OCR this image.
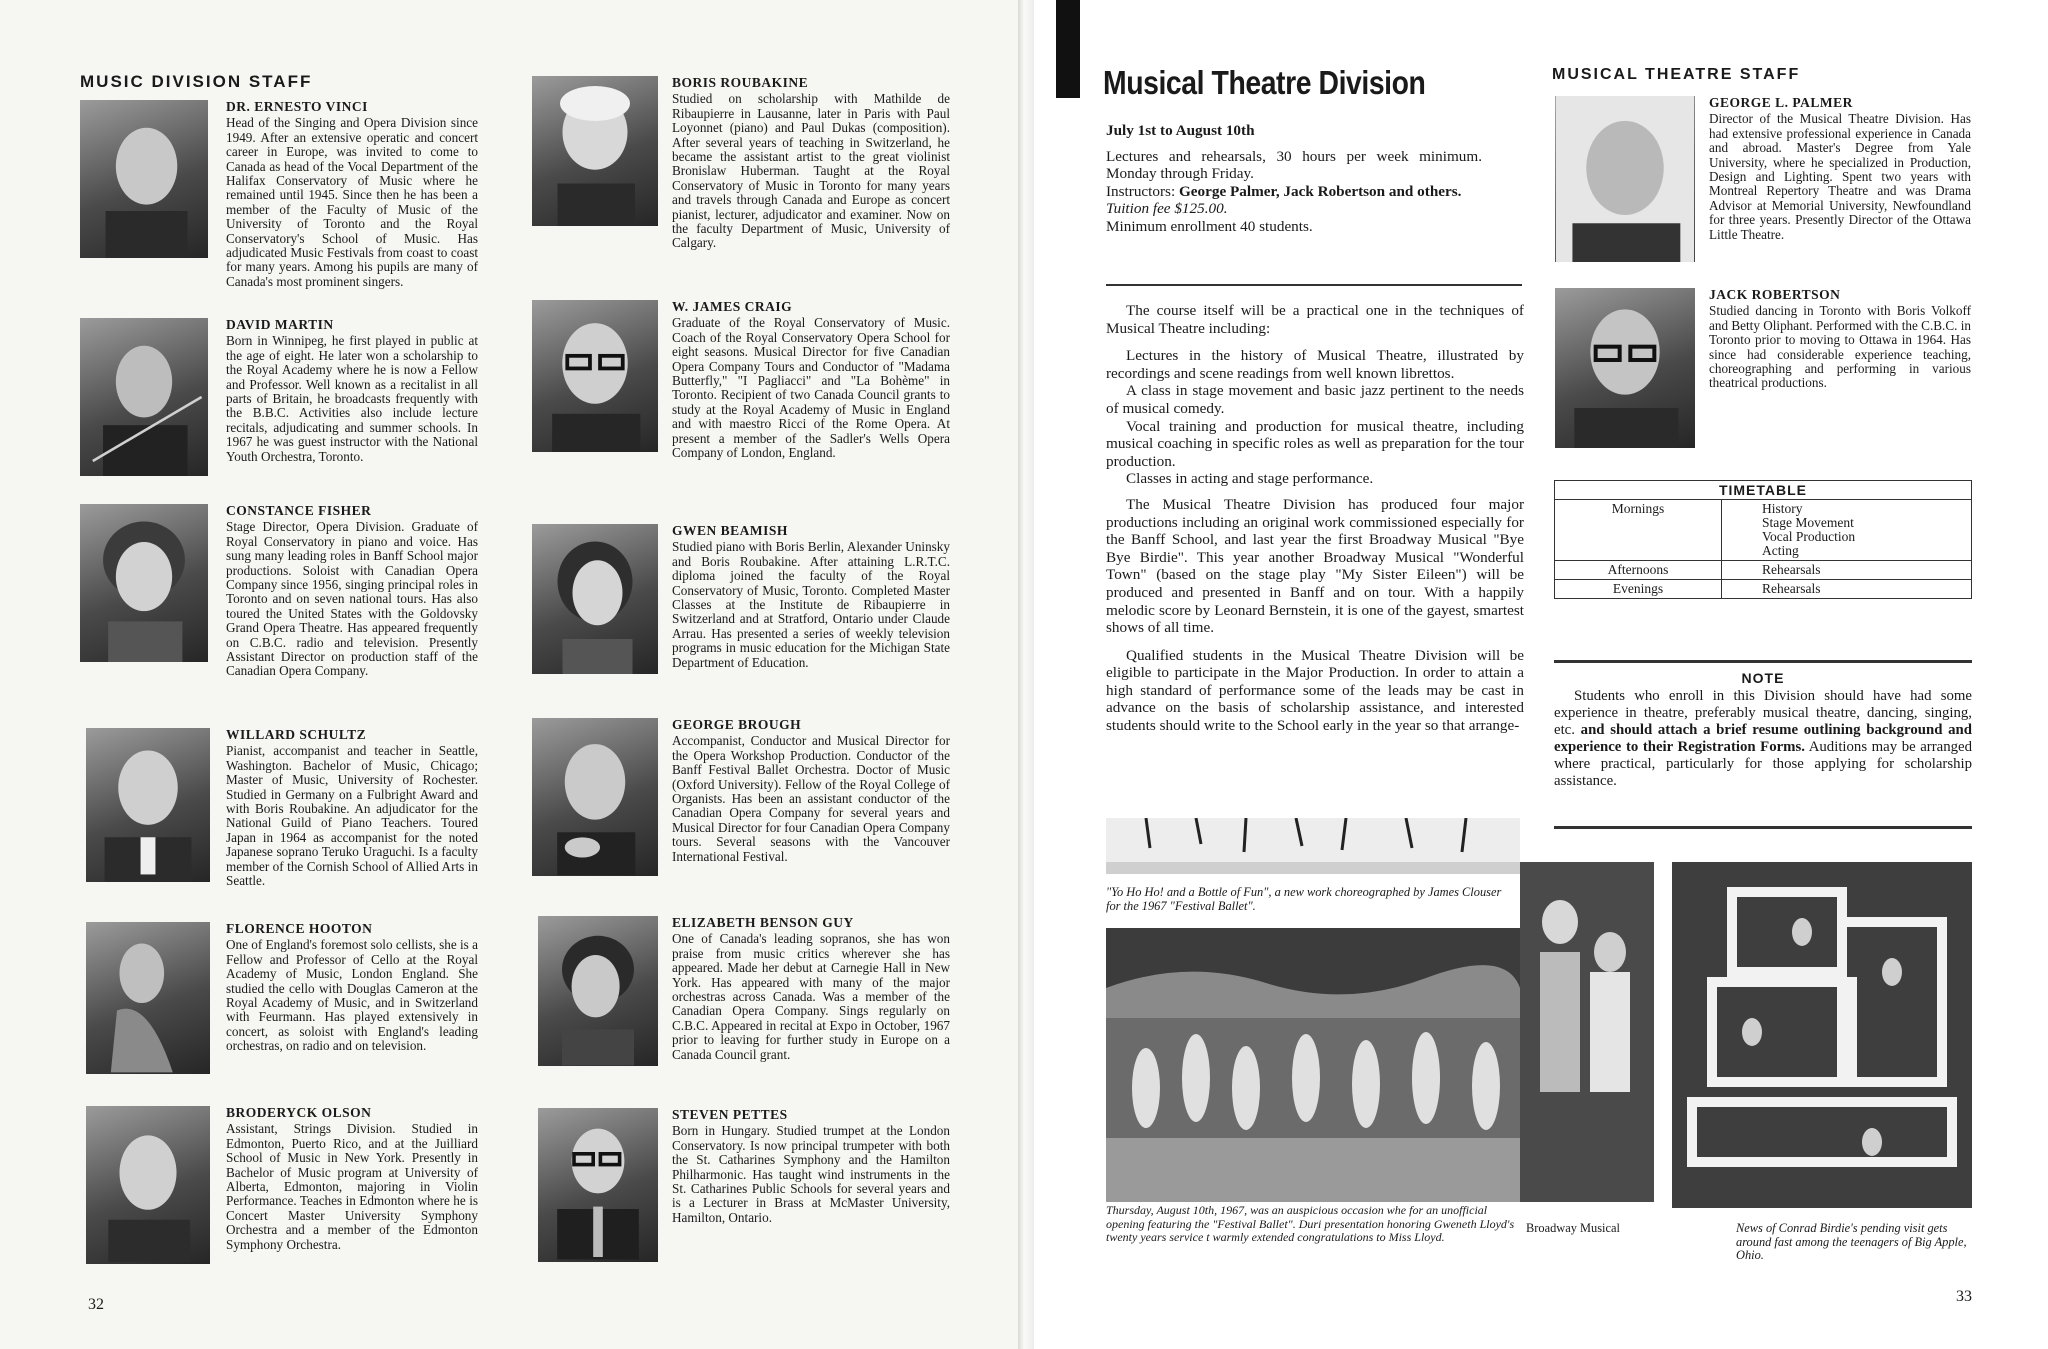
MUSIC DIVISION STAFF
DR. ERNESTO VINCI
Head of the Singing and Opera Division since 1949. After an extensive operatic and concert career in Europe, was invited to come to Canada as head of the Vocal Department of the Halifax Conservatory of Music where he remained until 1945. Since then he has been a member of the Faculty of Music of the University of Toronto and the Royal Conservatory's School of Music. Has adjudicated Music Festivals from coast to coast for many years. Among his pupils are many of Canada's most prominent singers.
DAVID MARTIN
Born in Winnipeg, he first played in public at the age of eight. He later won a scholarship to the Royal Academy where he is now a Fellow and Professor. Well known as a recitalist in all parts of Britain, he broadcasts frequently with the B.B.C. Activities also include lecture recitals, adjudicating and summer schools. In 1967 he was guest instructor with the National Youth Orchestra, Toronto.
CONSTANCE FISHER
Stage Director, Opera Division. Graduate of Royal Conservatory in piano and voice. Has sung many leading roles in Banff School major productions. Soloist with Canadian Opera Company since 1956, singing principal roles in Toronto and on seven national tours. Has also toured the United States with the Goldovsky Grand Opera Theatre. Has appeared frequently on C.B.C. radio and television. Presently Assistant Director on production staff of the Canadian Opera Company.
WILLARD SCHULTZ
Pianist, accompanist and teacher in Seattle, Washington. Bachelor of Music, Chicago; Master of Music, University of Rochester. Studied in Germany on a Fulbright Award and with Boris Roubakine. An adjudicator for the National Guild of Piano Teachers. Toured Japan in 1964 as accompanist for the noted Japanese soprano Teruko Uraguchi. Is a faculty member of the Cornish School of Allied Arts in Seattle.
FLORENCE HOOTON
One of England's foremost solo cellists, she is a Fellow and Professor of Cello at the Royal Academy of Music, London England. She studied the cello with Douglas Cameron at the Royal Academy of Music, and in Switzerland with Feurmann. Has played extensively in concert, as soloist with England's leading orchestras, on radio and on television.
BRODERYCK OLSON
Assistant, Strings Division. Studied in Edmonton, Puerto Rico, and at the Juilliard School of Music in New York. Presently in Bachelor of Music program at University of Alberta, Edmonton, majoring in Violin Performance. Teaches in Edmonton where he is Concert Master University Symphony Orchestra and a member of the Edmonton Symphony Orchestra.
BORIS ROUBAKINE
Studied on scholarship with Mathilde de Ribaupierre in Lausanne, later in Paris with Paul Loyonnet (piano) and Paul Dukas (composition). After several years of teaching in Switzerland, he became the assistant artist to the great violinist Bronislaw Huberman. Taught at the Royal Conservatory of Music in Toronto for many years and travels through Canada and Europe as concert pianist, lecturer, adjudicator and examiner. Now on the faculty Department of Music, University of Calgary.
W. JAMES CRAIG
Graduate of the Royal Conservatory of Music. Coach of the Royal Conservatory Opera School for eight seasons. Musical Director for five Canadian Opera Company Tours and Conductor of "Madama Butterfly," "I Pagliacci" and "La Bohème" in Toronto. Recipient of two Canada Council grants to study at the Royal Academy of Music in England and with maestro Ricci of the Rome Opera. At present a member of the Sadler's Wells Opera Company of London, England.
GWEN BEAMISH
Studied piano with Boris Berlin, Alexander Uninsky and Boris Roubakine. After attaining L.R.T.C. diploma joined the faculty of the Royal Conservatory of Music, Toronto. Completed Master Classes at the Institute de Ribaupierre in Switzerland and at Stratford, Ontario under Claude Arrau. Has presented a series of weekly television programs in music education for the Michigan State Department of Education.
GEORGE BROUGH
Accompanist, Conductor and Musical Director for the Opera Workshop Production. Conductor of the Banff Festival Ballet Orchestra. Doctor of Music (Oxford University). Fellow of the Royal College of Organists. Has been an assistant conductor of the Canadian Opera Company for several years and Musical Director for four Canadian Opera Company tours. Several seasons with the Vancouver International Festival.
ELIZABETH BENSON GUY
One of Canada's leading sopranos, she has won praise from music critics wherever she has appeared. Made her debut at Carnegie Hall in New York. Has appeared with many of the major orchestras across Canada. Was a member of the Canadian Opera Company. Sings regularly on C.B.C. Appeared in recital at Expo in October, 1967 prior to leaving for further study in Europe on a Canada Council grant.
STEVEN PETTES
Born in Hungary. Studied trumpet at the London Conservatory. Is now principal trumpeter with both the St. Catharines Symphony and the Hamilton Philharmonic. Has taught wind instruments in the St. Catharines Public Schools for several years and is a Lecturer in Brass at McMaster University, Hamilton, Ontario.
32
Musical Theatre Division

July 1st to August 10th

Lectures and rehearsals, 30 hours per week minimum. Monday through Friday.

Instructors: George Palmer, Jack Robertson and others.

Tuition fee $125.00.

Minimum enrollment 40 students.

The course itself will be a practical one in the techniques of Musical Theatre including:

Lectures in the history of Musical Theatre, illustrated by recordings and scene readings from well known librettos.

A class in stage movement and basic jazz pertinent to the needs of musical comedy.

Vocal training and production for musical theatre, including musical coaching in specific roles as well as preparation for the tour production.

Classes in acting and stage performance.

The Musical Theatre Division has produced four major productions including an original work commissioned especially for the Banff School, and last year the first Broadway Musical "Bye Bye Birdie". This year another Broadway Musical "Wonderful Town" (based on the stage play "My Sister Eileen") will be produced and presented in Banff and on tour. With a happily melodic score by Leonard Bernstein, it is one of the gayest, smartest shows of all time.

Qualified students in the Musical Theatre Division will be eligible to participate in the Major Production. In order to attain a high standard of performance some of the leads may be cast in advance on the basis of scholarship assistance, and interested students should write to the School early in the year so that arrange-

MUSICAL THEATRE STAFF
GEORGE L. PALMER
Director of the Musical Theatre Division. Has had extensive professional experience in Canada and abroad. Master's Degree from Yale University, where he specialized in Production, Design and Lighting. Spent two years with Montreal Repertory Theatre and was Drama Advisor at Memorial University, Newfoundland for three years. Presently Director of the Ottawa Little Theatre.
JACK ROBERTSON
Studied dancing in Toronto with Boris Volkoff and Betty Oliphant. Performed with the C.B.C. in Toronto prior to moving to Ottawa in 1964. Has since had considerable experience teaching, choreographing and performing in various theatrical productions.
TIMETABLE	
Mornings	History
Stage Movement
Vocal Production
Acting

Afternoons	Rehearsals

Evenings	Rehearsals
NOTE

Students who enroll in this Division should have had some experience in theatre, preferably musical theatre, dancing, singing, etc. and should attach a brief resume outlining background and experience to their Registration Forms. Auditions may be arranged where practical, particularly for those applying for scholarship assistance.

"Yo Ho Ho! and a Bottle of Fun", a new work choreographed by James Clouser for the 1967 "Festival Ballet".
Thursday, August 10th, 1967, was an auspicious occasion whe for an unofficial opening featuring the "Festival Ballet". Duri presentation honoring Gweneth Lloyd's twenty years service t warmly extended congratulations to Miss Lloyd.
Broadway Musical	News of Conrad Birdie's pending visit gets around fast among the teenagers of Big Apple, Ohio.
33
